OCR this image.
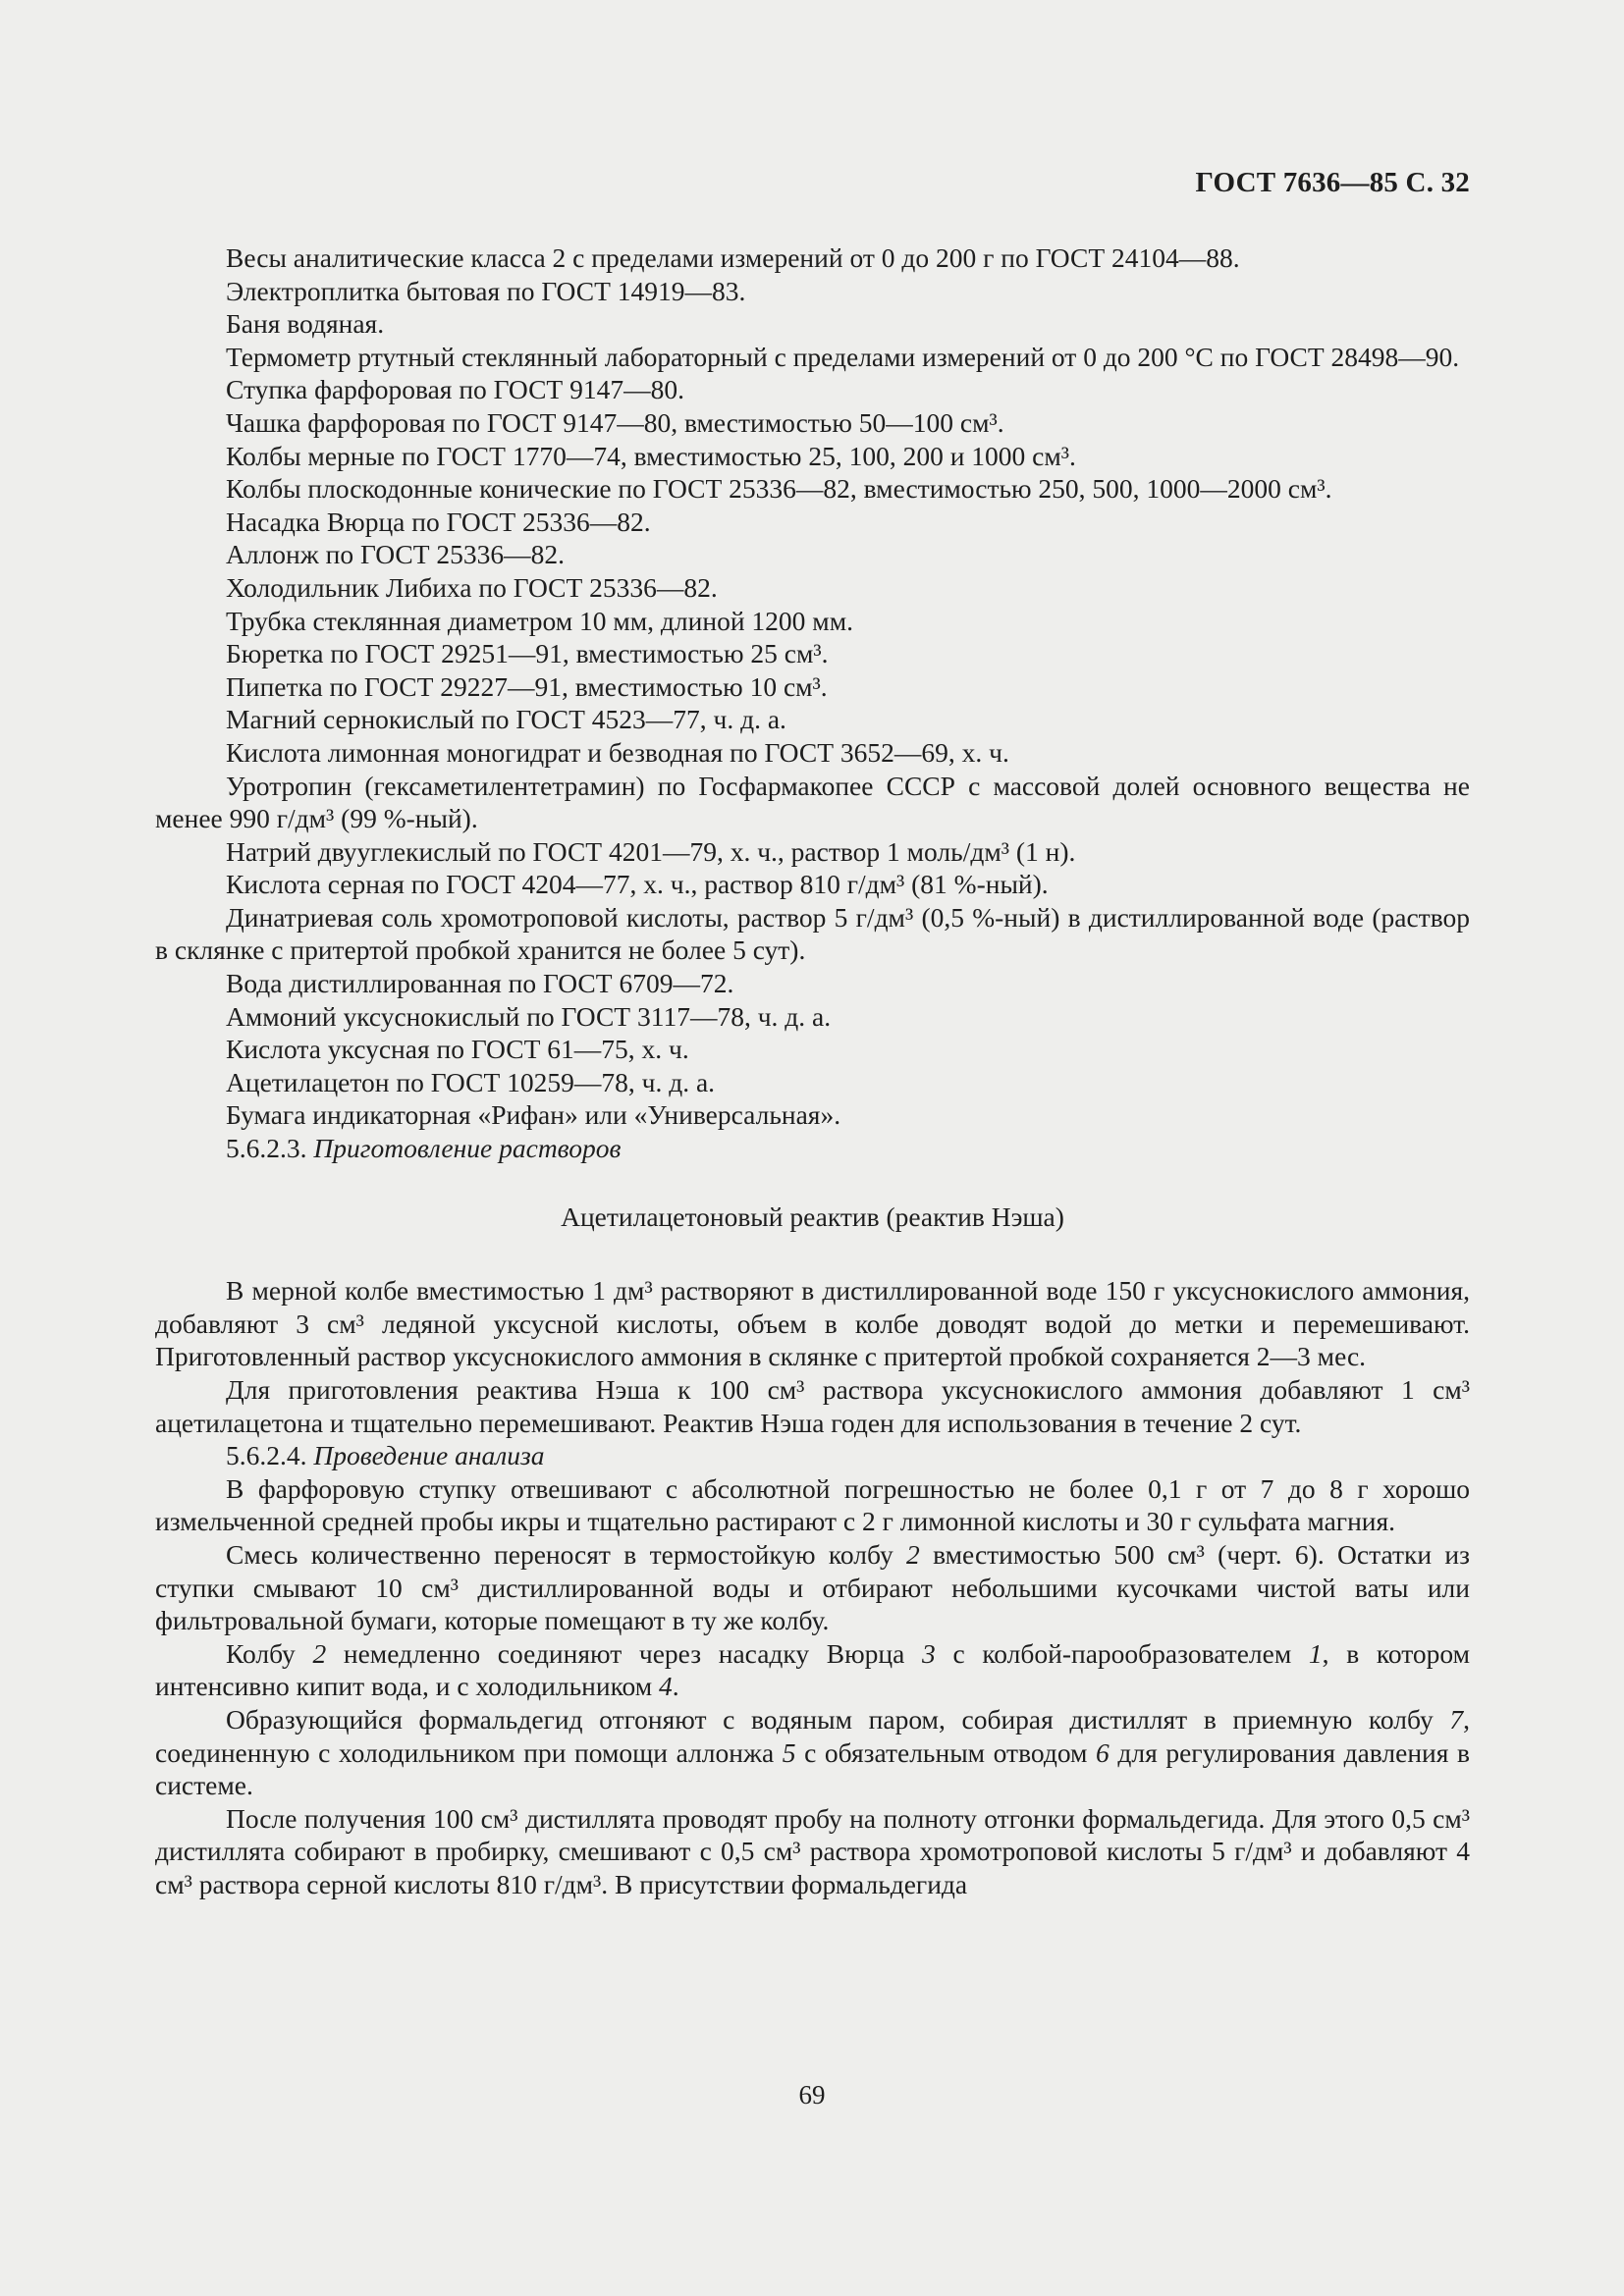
ГОСТ 7636—85 С. 32

Весы аналитические класса 2 с пределами измерений от 0 до 200 г по ГОСТ 24104—88.

Электроплитка бытовая по ГОСТ 14919—83.

Баня водяная.

Термометр ртутный стеклянный лабораторный с пределами измерений от 0 до 200 °С по ГОСТ 28498—90.

Ступка фарфоровая по ГОСТ 9147—80.

Чашка фарфоровая по ГОСТ 9147—80, вместимостью 50—100 см³.

Колбы мерные по ГОСТ 1770—74, вместимостью 25, 100, 200 и 1000 см³.

Колбы плоскодонные конические по ГОСТ 25336—82, вместимостью 250, 500, 1000—2000 см³.

Насадка Вюрца по ГОСТ 25336—82.

Аллонж по ГОСТ 25336—82.

Холодильник Либиха по ГОСТ 25336—82.

Трубка стеклянная диаметром 10 мм, длиной 1200 мм.

Бюретка по ГОСТ 29251—91, вместимостью 25 см³.

Пипетка по ГОСТ 29227—91, вместимостью 10 см³.

Магний сернокислый по ГОСТ 4523—77, ч. д. а.

Кислота лимонная моногидрат и безводная по ГОСТ 3652—69, х. ч.

Уротропин (гексаметилентетрамин) по Госфармакопее СССР с массовой долей основного вещества не менее 990 г/дм³ (99 %-ный).

Натрий двууглекислый по ГОСТ 4201—79, х. ч., раствор 1 моль/дм³ (1 н).

Кислота серная по ГОСТ 4204—77, х. ч., раствор 810 г/дм³ (81 %-ный).

Динатриевая соль хромотроповой кислоты, раствор 5 г/дм³ (0,5 %-ный) в дистиллированной воде (раствор в склянке с притертой пробкой хранится не более 5 сут).

Вода дистиллированная по ГОСТ 6709—72.

Аммоний уксуснокислый по ГОСТ 3117—78, ч. д. а.

Кислота уксусная по ГОСТ 61—75, х. ч.

Ацетилацетон по ГОСТ 10259—78, ч. д. а.

Бумага индикаторная «Рифан» или «Универсальная».

5.6.2.3. Приготовление растворов

Ацетилацетоновый реактив (реактив Нэша)

В мерной колбе вместимостью 1 дм³ растворяют в дистиллированной воде 150 г уксуснокислого аммония, добавляют 3 см³ ледяной уксусной кислоты, объем в колбе доводят водой до метки и перемешивают. Приготовленный раствор уксуснокислого аммония в склянке с притертой пробкой сохраняется 2—3 мес.

Для приготовления реактива Нэша к 100 см³ раствора уксуснокислого аммония добавляют 1 см³ ацетилацетона и тщательно перемешивают. Реактив Нэша годен для использования в течение 2 сут.

5.6.2.4. Проведение анализа

В фарфоровую ступку отвешивают с абсолютной погрешностью не более 0,1 г от 7 до 8 г хорошо измельченной средней пробы икры и тщательно растирают с 2 г лимонной кислоты и 30 г сульфата магния.

Смесь количественно переносят в термостойкую колбу 2 вместимостью 500 см³ (черт. 6). Остатки из ступки смывают 10 см³ дистиллированной воды и отбирают небольшими кусочками чистой ваты или фильтровальной бумаги, которые помещают в ту же колбу.

Колбу 2 немедленно соединяют через насадку Вюрца 3 с колбой-парообразователем 1, в котором интенсивно кипит вода, и с холодильником 4.

Образующийся формальдегид отгоняют с водяным паром, собирая дистиллят в приемную колбу 7, соединенную с холодильником при помощи аллонжа 5 с обязательным отводом 6 для регулирования давления в системе.

После получения 100 см³ дистиллята проводят пробу на полноту отгонки формальдегида. Для этого 0,5 см³ дистиллята собирают в пробирку, смешивают с 0,5 см³ раствора хромотроповой кислоты 5 г/дм³ и добавляют 4 см³ раствора серной кислоты 810 г/дм³. В присутствии формальдегида

69
